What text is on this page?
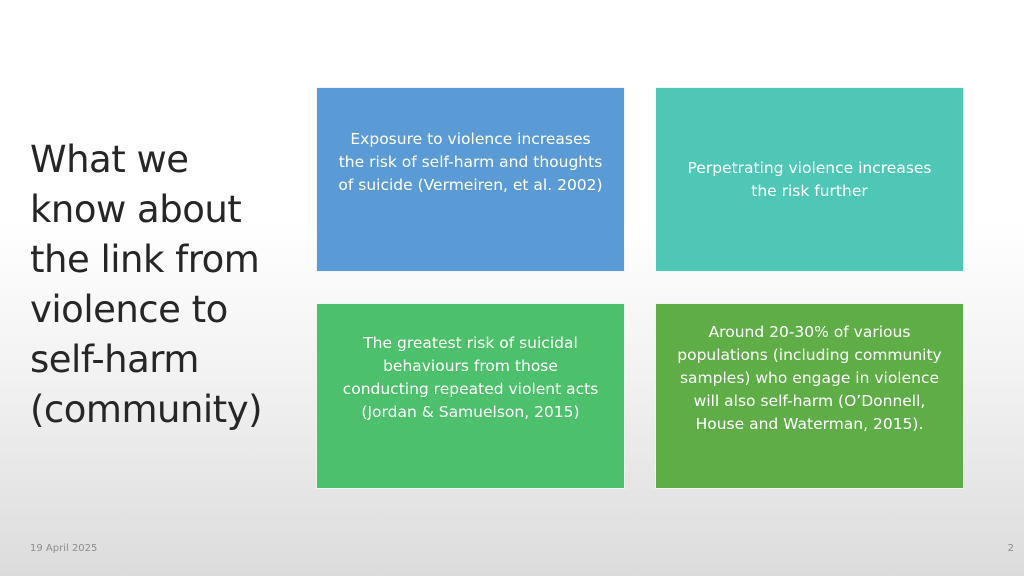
What we
know about
the link from
violence to
self-harm
(community)
Exposure to violence increases
the risk of self-harm and thoughts
of suicide (Vermeiren, et al. 2002)
Perpetrating violence increases
the risk further
The greatest risk of suicidal
behaviours from those
conducting repeated violent acts
(Jordan & Samuelson, 2015)
Around 20-30% of various
populations (including community
samples) who engage in violence
will also self-harm (O’Donnell,
House and Waterman, 2015).
19 April 2025	2
